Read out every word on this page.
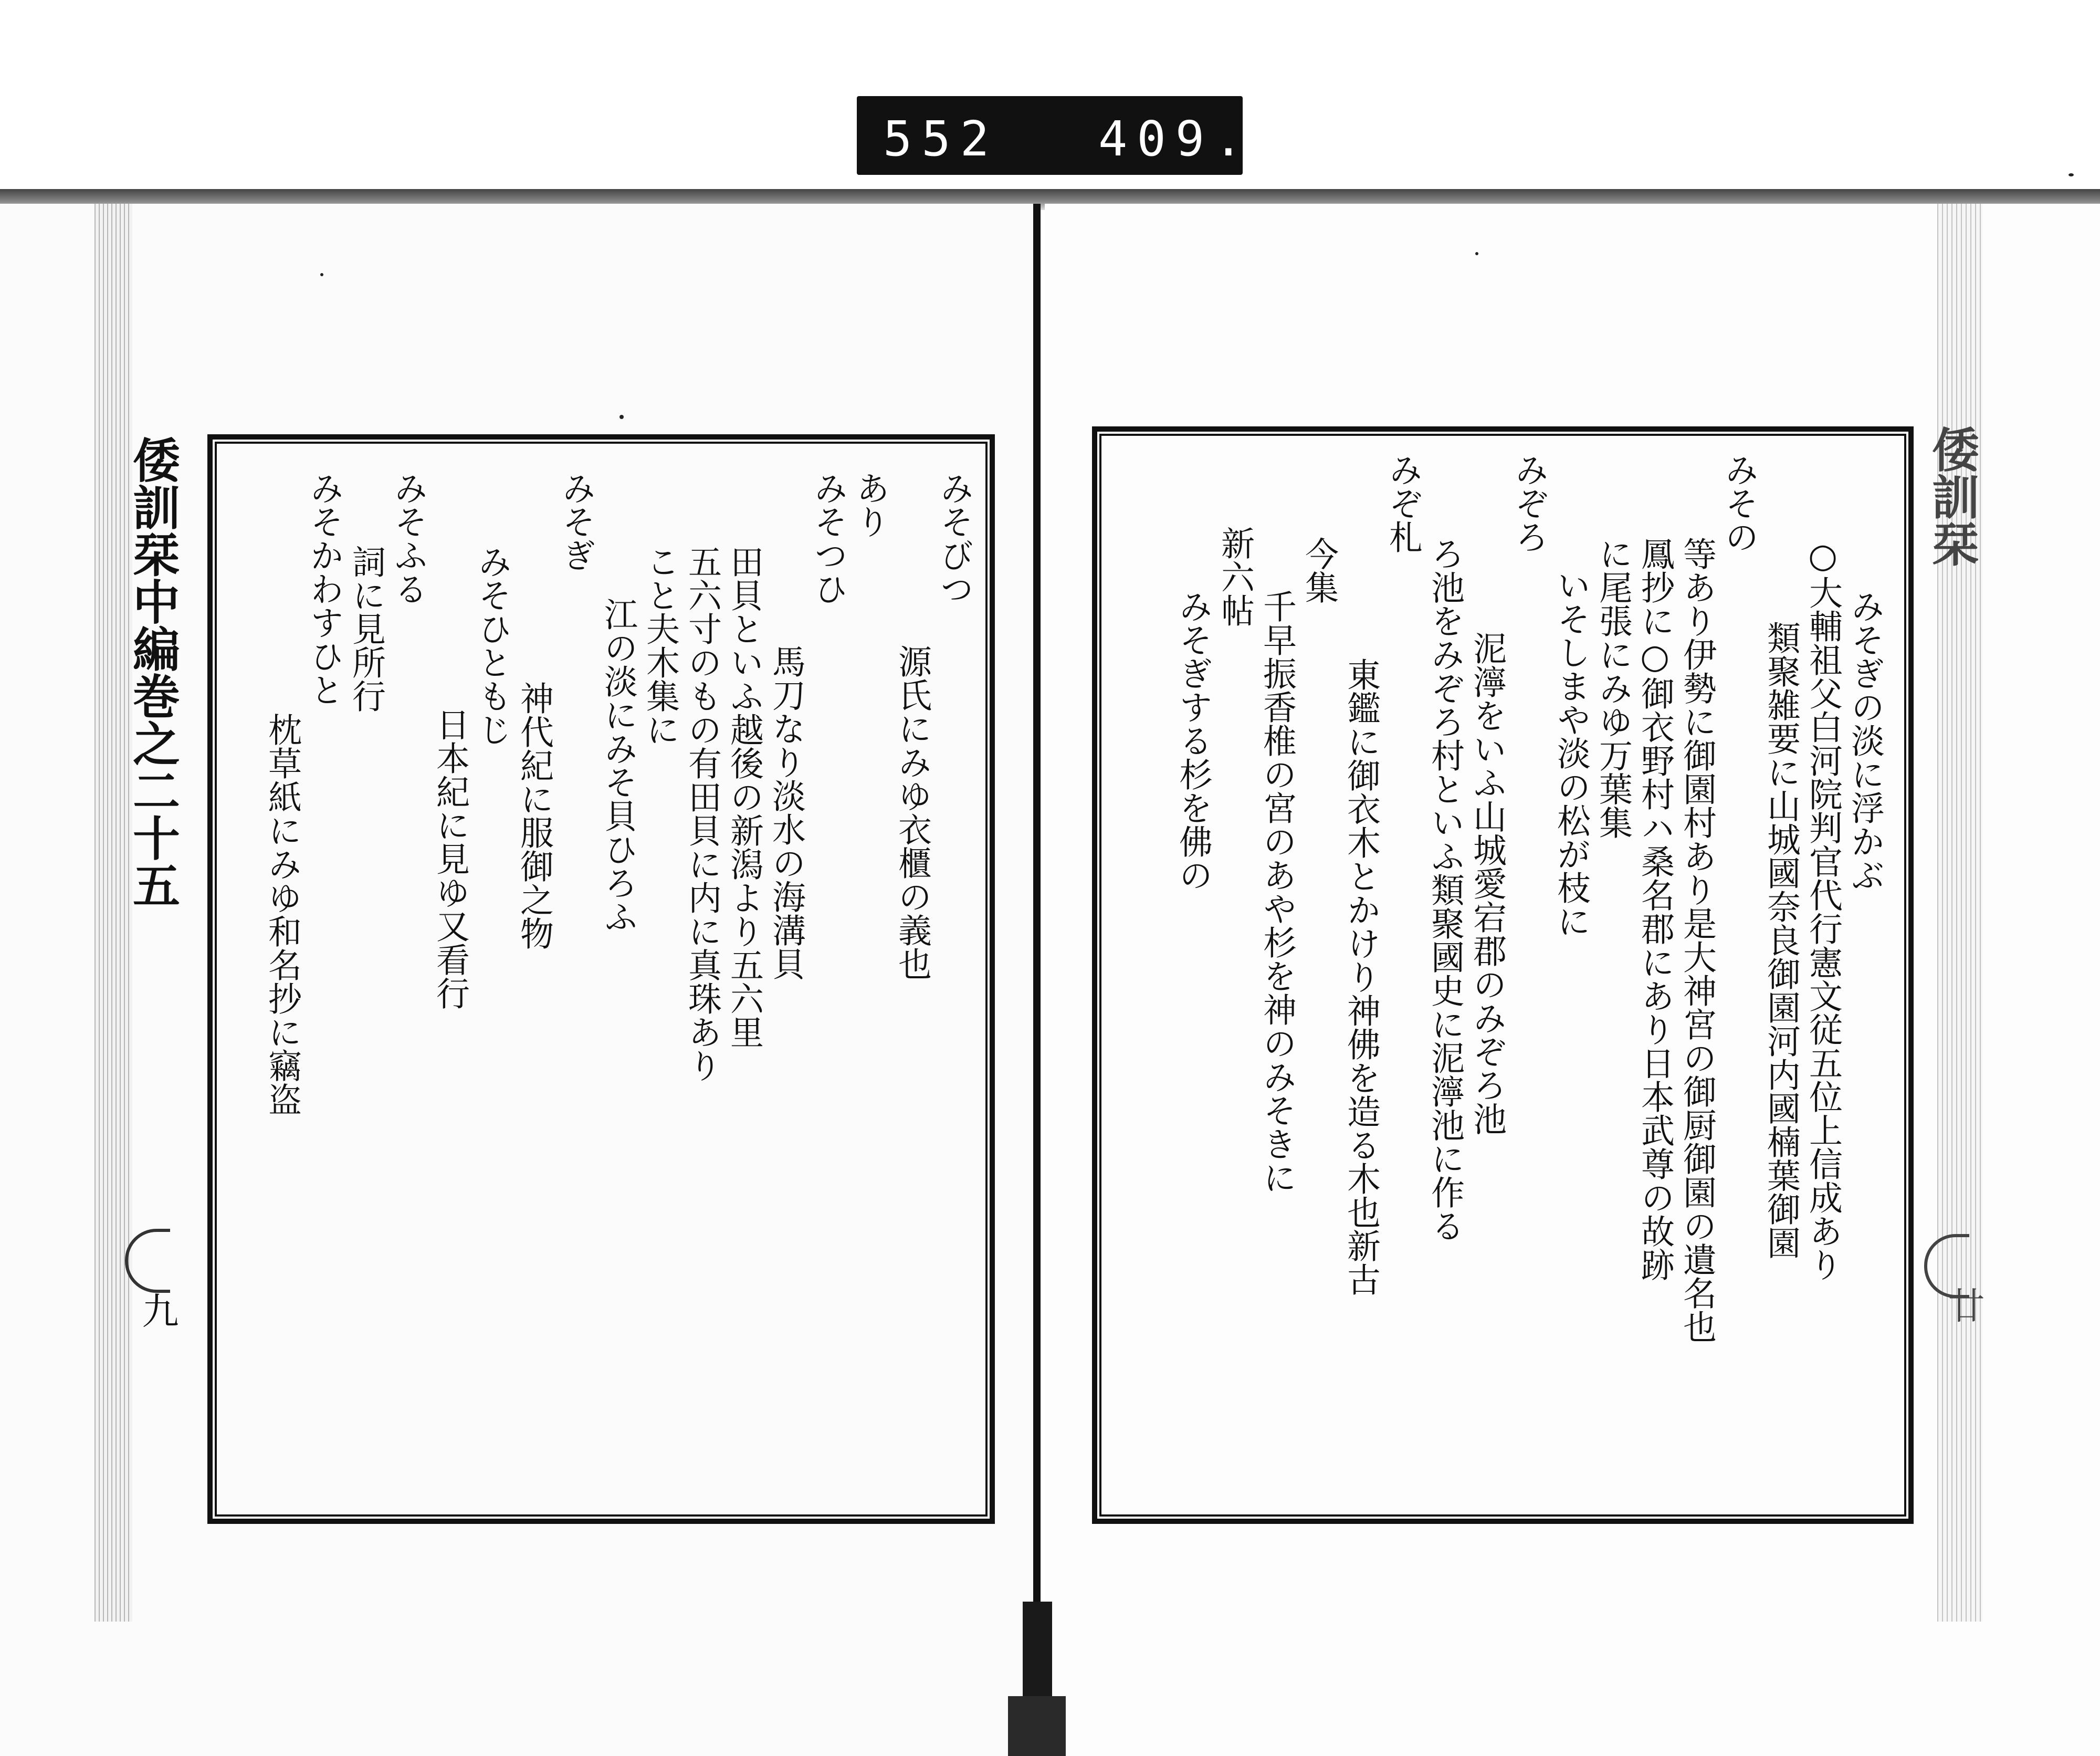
552 409.
倭訓栞中編巻之二十五
九
倭訓栞
廿
みそびつ
源氏にみゆ衣櫃の義也
あり
みそつひ
馬刀なり淡水の海溝貝
田貝といふ越後の新潟より五六里
五六寸のもの有田貝に内に真珠あり
こと夫木集に
江の淡にみそ貝ひろふ
みそぎ
神代紀に服御之物
みそひともじ
日本紀に見ゆ又看行
みそふる
詞に見所行
みそかわすひと
枕草紙にみゆ和名抄に竊盗	みそぎの淡に浮かぶ
○大輔祖父白河院判官代行憲文従五位上信成あり
類聚雑要に山城國奈良御園河内國楠葉御園
みその
等あり伊勢に御園村あり是大神宮の御厨御園の遺名也
鳳抄に○御衣野村ハ桑名郡にあり日本武尊の故跡
に尾張にみゆ万葉集
いそしまや淡の松が枝に
みぞろ
泥濘をいふ山城愛宕郡のみぞろ池
ろ池をみぞろ村といふ類聚國史に泥濘池に作る
みぞ札
東鑑に御衣木とかけり神佛を造る木也新古
今集
千早振香椎の宮のあや杉を神のみそきに
新六帖
みそぎする杉を佛の
